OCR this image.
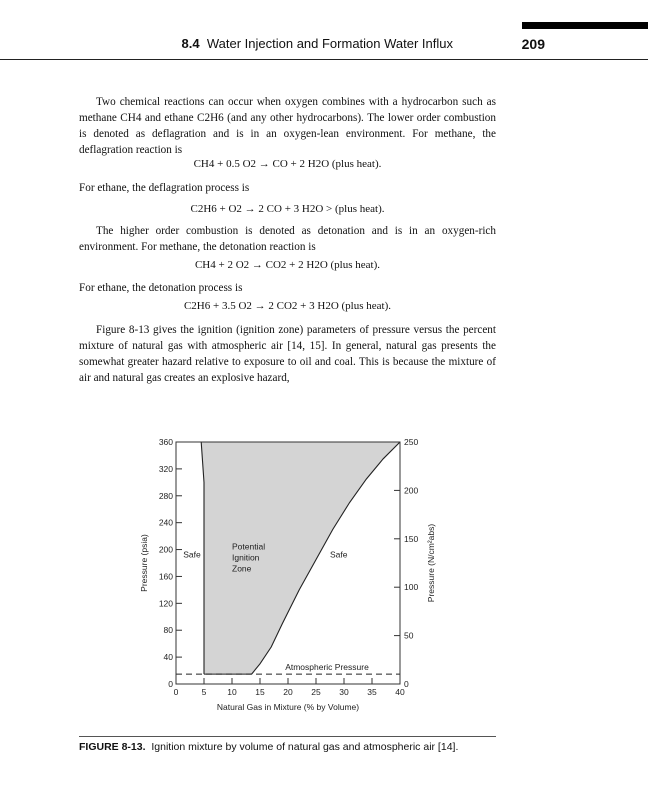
8.4 Water Injection and Formation Water Influx	209

Two chemical reactions can occur when oxygen combines with a hydrocarbon such as methane CH4 and ethane C2H6 (and any other hydrocarbons). The lower order combustion is denoted as deflagration and is in an oxygen-lean environment. For methane, the deflagration reaction is

CH4 + 0.5 O2 → CO + 2 H2O (plus heat).

For ethane, the deflagration process is

C2H6 + O2 → 2 CO + 3 H2O > (plus heat).

The higher order combustion is denoted as detonation and is in an oxygen-rich environment. For methane, the detonation reaction is

CH4 + 2 O2 → CO2 + 2 H2O (plus heat).

For ethane, the detonation process is

C2H6 + 3.5 O2 → 2 CO2 + 3 H2O (plus heat).

Figure 8-13 gives the ignition (ignition zone) parameters of pressure versus the percent mixture of natural gas with atmospheric air [14, 15]. In general, natural gas presents the somewhat greater hazard relative to exposure to oil and coal. This is because the mixture of air and natural gas creates an explosive hazard,

0
40
80
120
160
200
240
280
320
360
0
50
100
150
200
250
0	5 10 15 20 25 30 35 40
Natural Gas in Mixture (% by Volume)
Pressure (psia)	Pressure (N/cm²abs)
Safe
Potential
Ignition
Zone
Safe
Atmospheric Pressure
FIGURE 8-13. Ignition mixture by volume of natural gas and atmospheric air [14].
